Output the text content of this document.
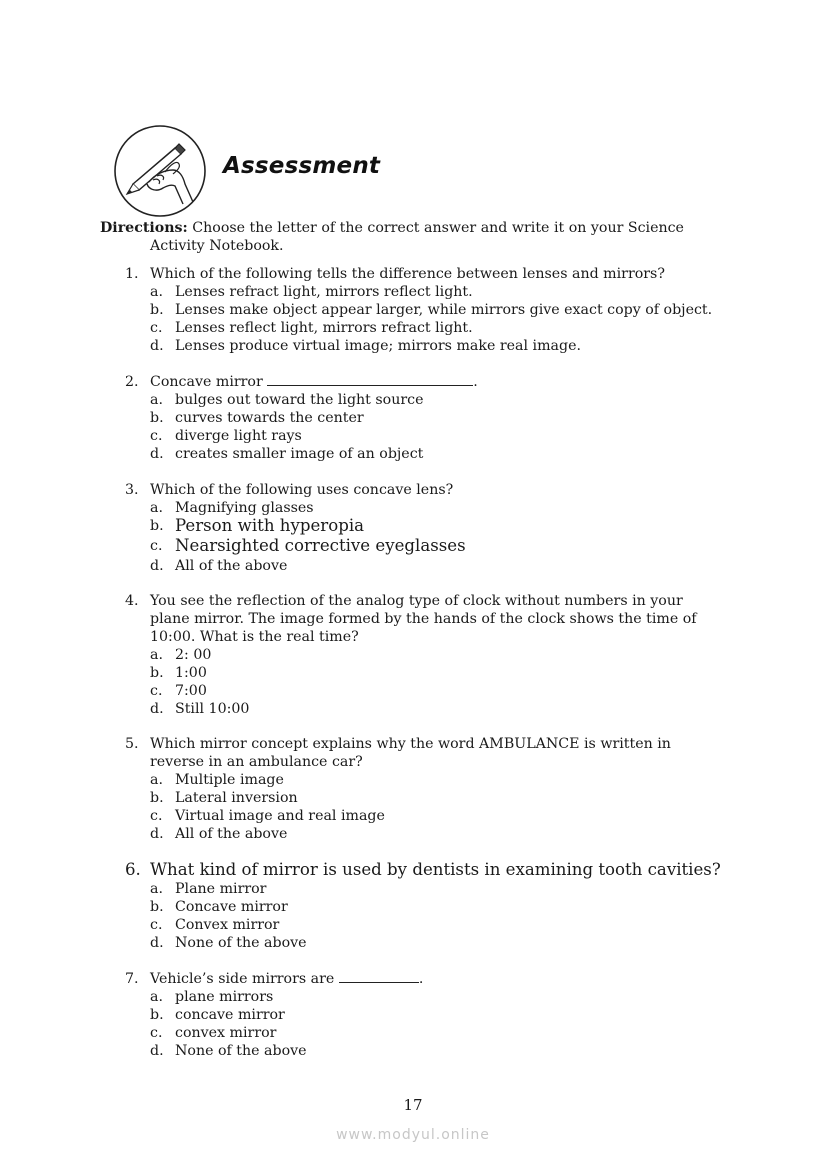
Assessment
Directions: Choose the letter of the correct answer and write it on your Science
Activity Notebook.
1. Which of the following tells the difference between lenses and mirrors?
a. Lenses refract light, mirrors reflect light.
b. Lenses make object appear larger, while mirrors give exact copy of object.
c. Lenses reflect light, mirrors refract light.
d. Lenses produce virtual image; mirrors make real image.
2. Concave mirror	.
a. bulges out toward the light source
b. curves towards the center
c. diverge light rays
d. creates smaller image of an object
3. Which of the following uses concave lens?
a. Magnifying glasses
b. Person with hyperopia
c. Nearsighted corrective eyeglasses
d. All of the above
4. You see the reflection of the analog type of clock without numbers in your
plane mirror. The image formed by the hands of the clock shows the time of
10:00. What is the real time?
a. 2: 00
b. 1:00
c. 7:00
d. Still 10:00
5. Which mirror concept explains why the word AMBULANCE is written in
reverse in an ambulance car?
a. Multiple image
b. Lateral inversion
c. Virtual image and real image
d. All of the above
6. What kind of mirror is used by dentists in examining tooth cavities?
a. Plane mirror
b. Concave mirror
c. Convex mirror
d. None of the above
7. Vehicle’s side mirrors are	.
a. plane mirrors
b. concave mirror
c. convex mirror
d. None of the above
17
www.modyul.online
